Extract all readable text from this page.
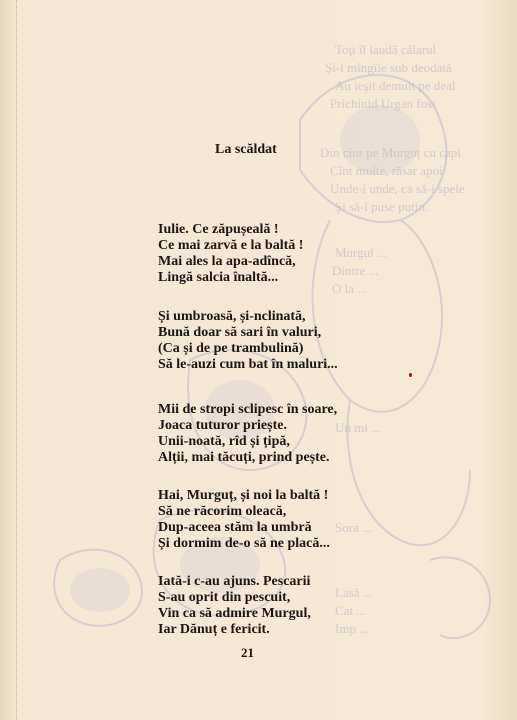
Toţi îl laudă câlarul
Şi-l mîngîie sub deodată
Au ieşit demult pe deal
Prichinid Urgan fost
Din ciur pe Murguț cu capi
Cînt multe, răsar apoi
Unde-i unde, ca să-i spele
Şi să-l puse putin.
Murgul ...
Dintre ...
O la ...
Un mi ...
Sora ...
Lasă ...
Cat ...
Imp ...
La scăldat
Iulie. Ce zăpușeală !
Ce mai zarvă e la baltă !
Mai ales la apa-adîncă,
Lingă salcia înaltă...
Și umbroasă, și-nclinată,
Bună doar să sari în valuri,
(Ca și de pe trambulină)
Să le-auzi cum bat în maluri...
Mii de stropi sclipesc în soare,
Joaca tuturor priește.
Unii-noată, rîd și țipă,
Alții, mai tăcuți, prind pește.
Hai, Murguț, și noi la baltă !
Să ne răcorim oleacă,
Dup-aceea stăm la umbră
Și dormim de-o să ne placă...
Iată-i c-au ajuns. Pescarii
S-au oprit din pescuit,
Vin ca să admire Murgul,
Iar Dănuț e fericit.
21
